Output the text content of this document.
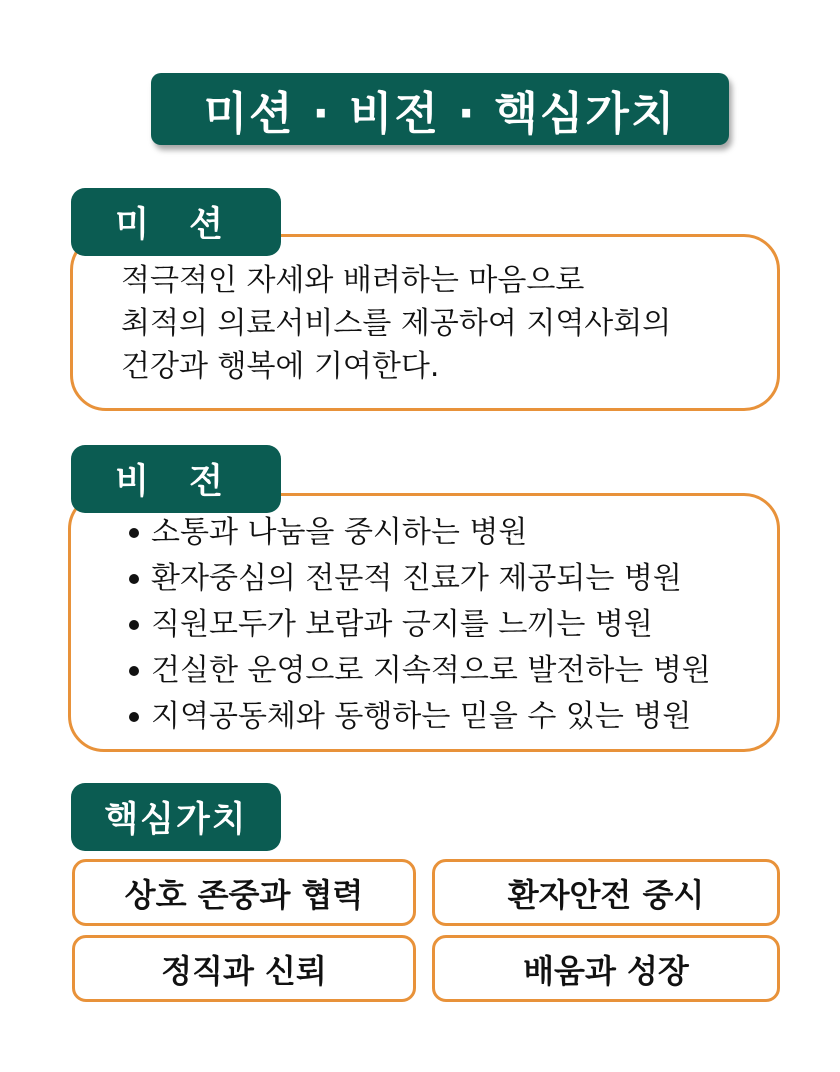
미션 · 비전 · 핵심가치
미 션
적극적인 자세와 배려하는 마음으로
최적의 의료서비스를 제공하여 지역사회의
건강과 행복에 기여한다.
비 전
소통과 나눔을 중시하는 병원
환자중심의 전문적 진료가 제공되는 병원
직원모두가 보람과 긍지를 느끼는 병원
건실한 운영으로 지속적으로 발전하는 병원
지역공동체와 동행하는 믿을 수 있는 병원
핵심가치
상호 존중과 협력	환자안전 중시
정직과 신뢰	배움과 성장
